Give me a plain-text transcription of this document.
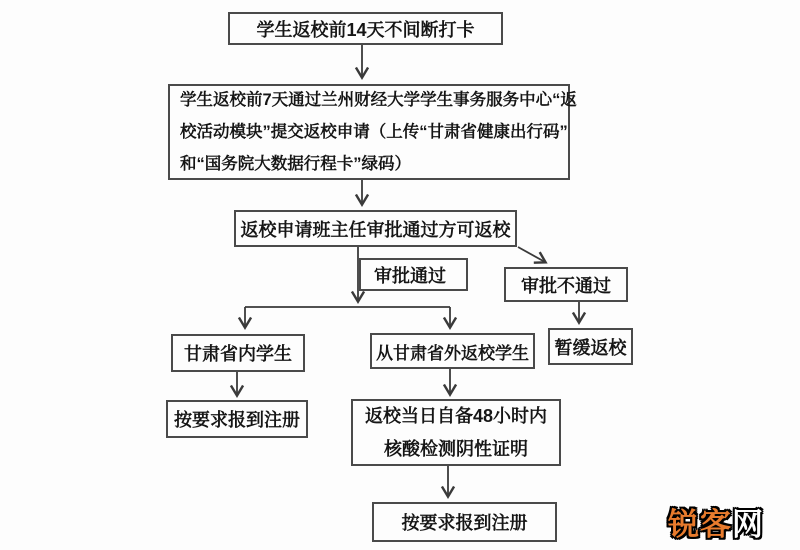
学生返校前14天不间断打卡
学生返校前7天通过兰州财经大学学生事务服务中心“返
校活动模块”提交返校申请（上传“甘肃省健康出行码”
和“国务院大数据行程卡”绿码）
返校申请班主任审批通过方可返校
审批通过	审批不通过
暂缓返校
甘肃省内学生	从甘肃省外返校学生
按要求报到注册	返校当日自备48小时内
核酸检测阴性证明
按要求报到注册	锐客网
